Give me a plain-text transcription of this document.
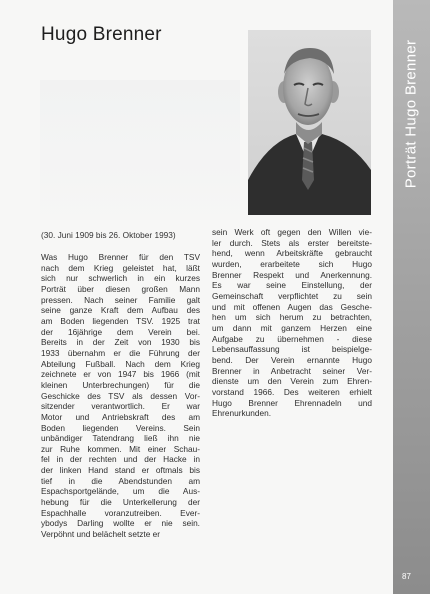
Hugo Brenner
Porträt Hugo Brenner
87
(30. Juni 1909 bis 26. Oktober 1993)
Was Hugo Brenner für den TSV
nach dem Krieg geleistet hat, läßt
sich nur schwerlich in ein kurzes
Porträt über diesen großen Mann
pressen. Nach seiner Familie galt
seine ganze Kraft dem Aufbau des
am Boden liegenden TSV. 1925 trat
der 16jährige dem Verein bei.
Bereits in der Zeit von 1930 bis
1933 übernahm er die Führung der
Abteilung Fußball. Nach dem Krieg
zeichnete er von 1947 bis 1966 (mit
kleinen Unterbrechungen) für die
Geschicke des TSV als dessen Vor-
sitzender verantwortlich. Er war
Motor und Antriebskraft des am
Boden liegenden Vereins. Sein
unbändiger Tatendrang ließ ihn nie
zur Ruhe kommen. Mit einer Schau-
fel in der rechten und der Hacke in
der linken Hand stand er oftmals bis
tief in die Abendstunden am
Espachsportgelände, um die Aus-
hebung für die Unterkellerung der
Espachhalle voranzutreiben. Ever-
ybodys Darling wollte er nie sein.
Verpöhnt und belächelt setzte er
sein Werk oft gegen den Willen vie-
ler durch. Stets als erster bereitste-
hend, wenn Arbeitskräfte gebraucht
wurden, erarbeitete sich Hugo
Brenner Respekt und Anerkennung.
Es war seine Einstellung, der
Gemeinschaft verpflichtet zu sein
und mit offenen Augen das Gesche-
hen um sich herum zu betrachten,
um dann mit ganzem Herzen eine
Aufgabe zu übernehmen - diese
Lebensauffassung ist beispielge-
bend. Der Verein ernannte Hugo
Brenner in Anbetracht seiner Ver-
dienste um den Verein zum Ehren-
vorstand 1966. Des weiteren erhielt
Hugo Brenner Ehrennadeln und
Ehrenurkunden.
